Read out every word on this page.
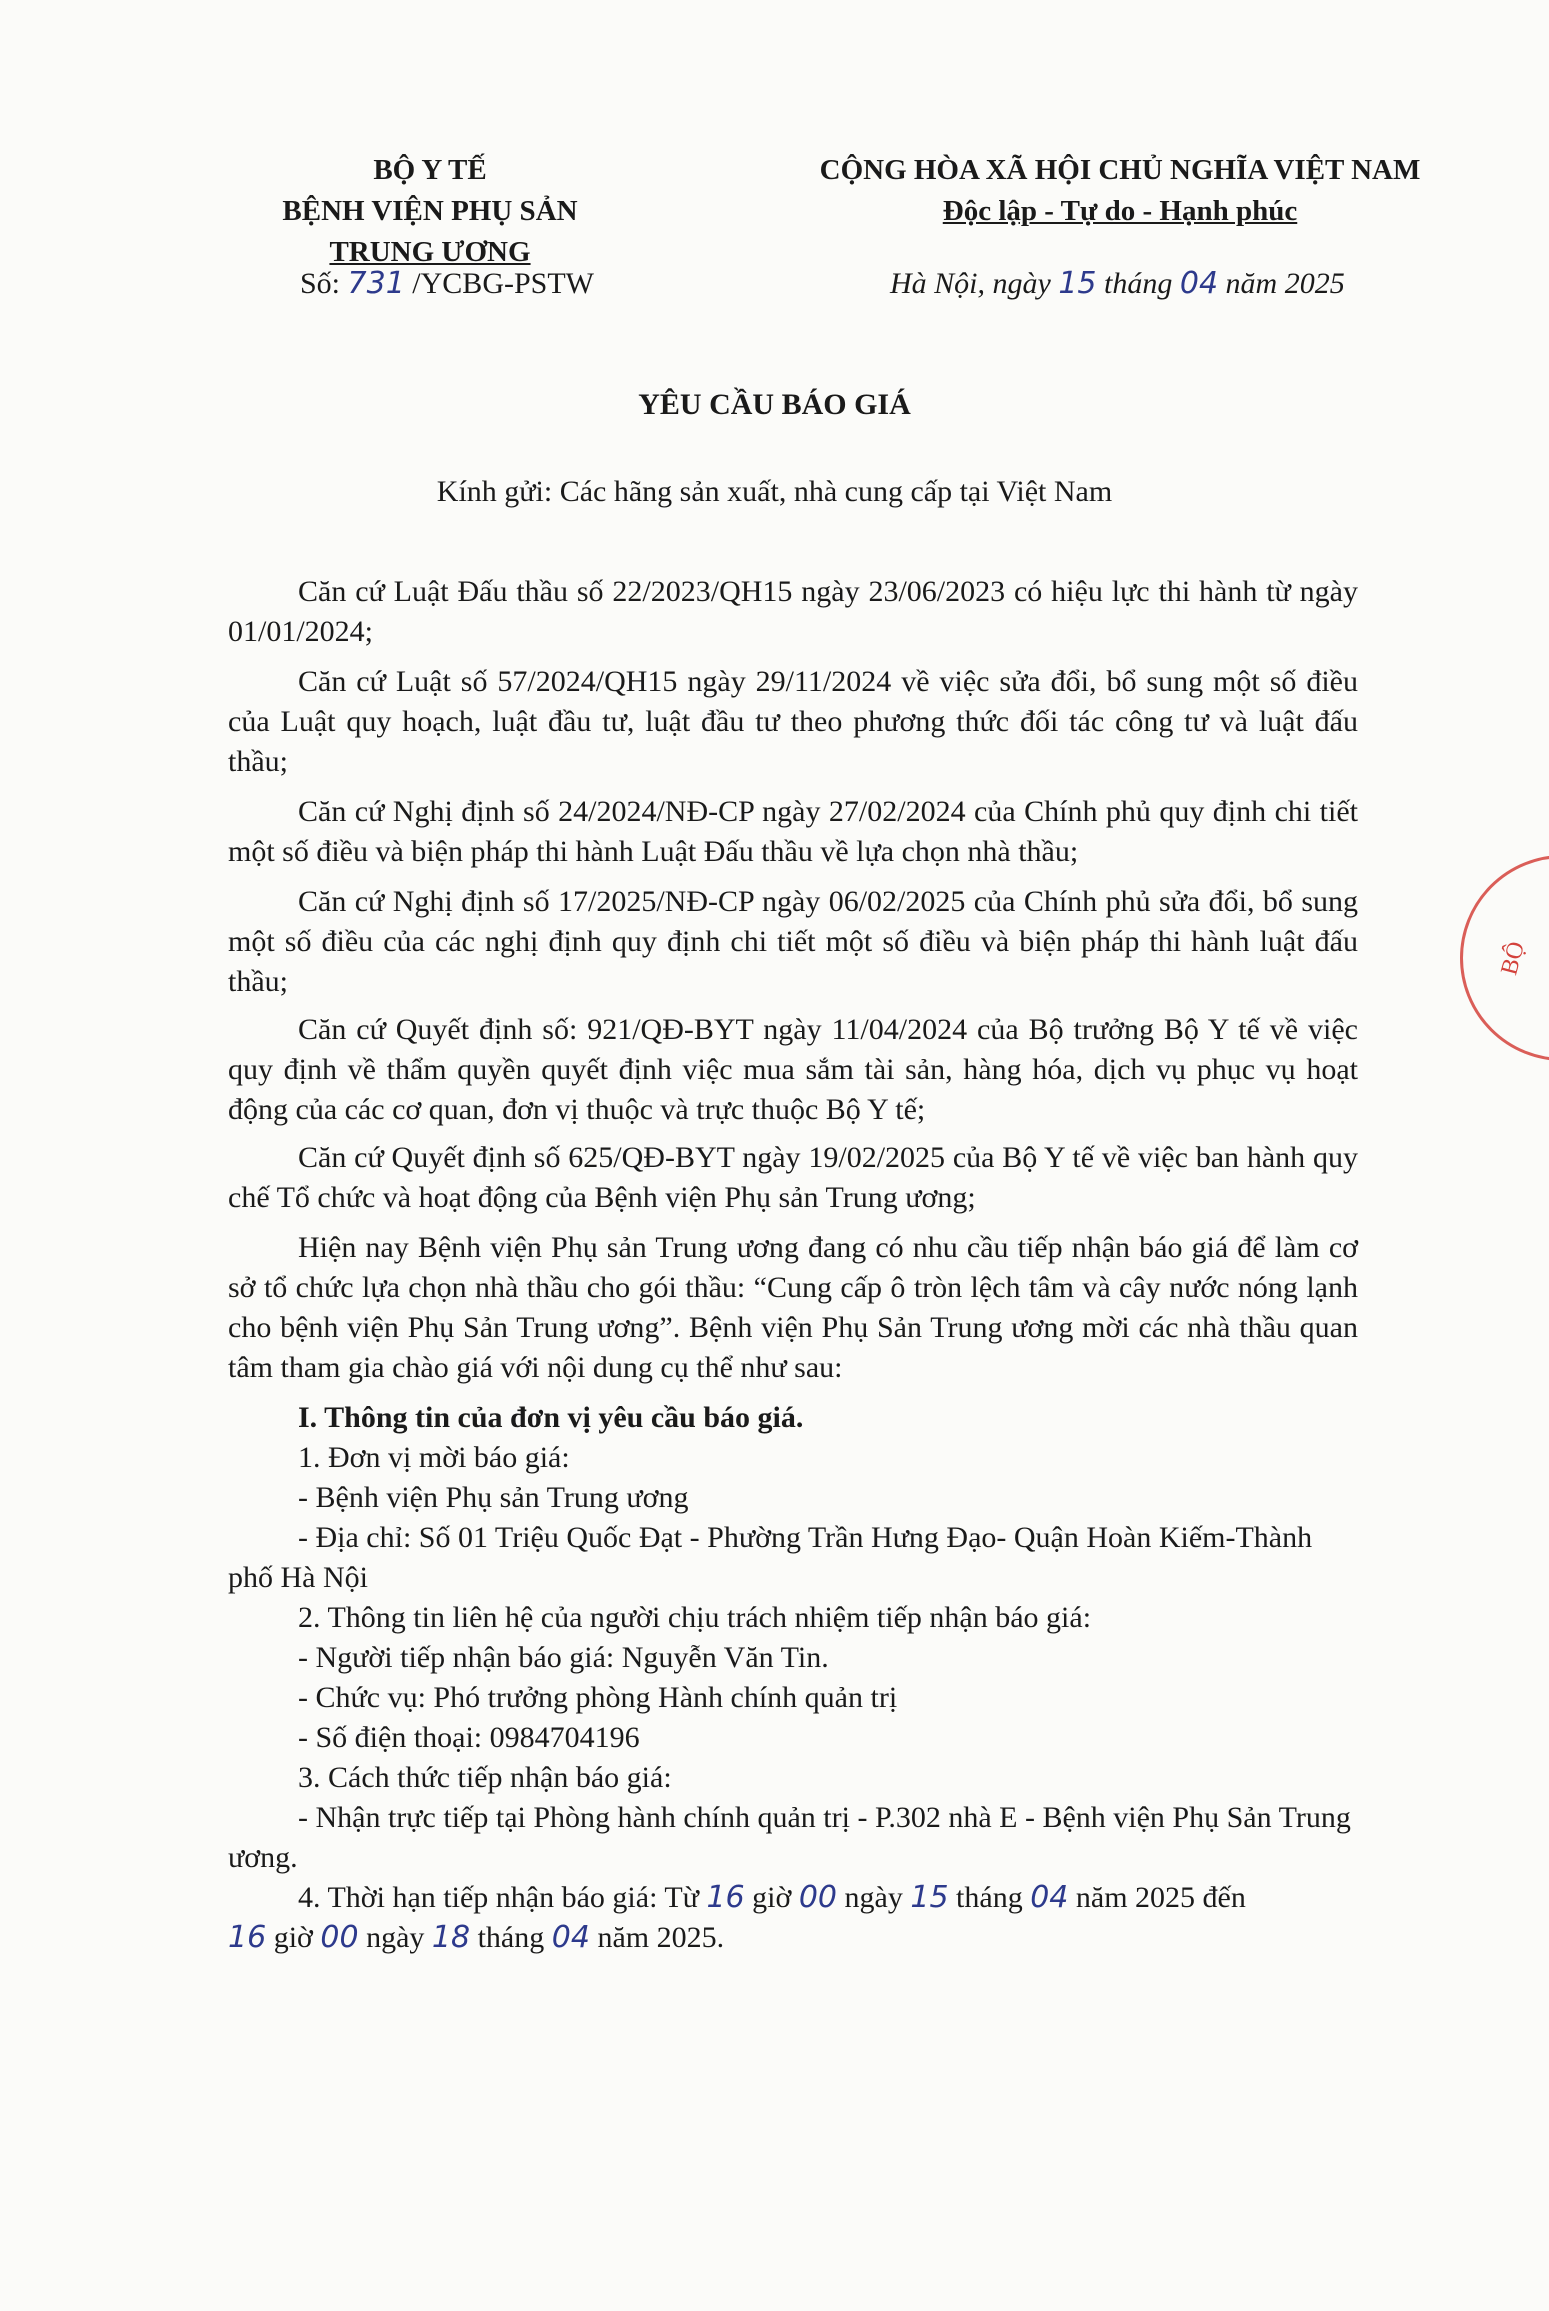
BỘ Y TẾ
BỆNH VIỆN PHỤ SẢN
TRUNG ƯƠNG
Số: 731 /YCBG-PSTW
CỘNG HÒA XÃ HỘI CHỦ NGHĨA VIỆT NAM
Độc lập - Tự do - Hạnh phúc
Hà Nội, ngày 15 tháng 04 năm 2025
YÊU CẦU BÁO GIÁ
Kính gửi: Các hãng sản xuất, nhà cung cấp tại Việt Nam
Căn cứ Luật Đấu thầu số 22/2023/QH15 ngày 23/06/2023 có hiệu lực thi hành từ ngày 01/01/2024;
Căn cứ Luật số 57/2024/QH15 ngày 29/11/2024 về việc sửa đổi, bổ sung một số điều của Luật quy hoạch, luật đầu tư, luật đầu tư theo phương thức đối tác công tư và luật đấu thầu;
Căn cứ Nghị định số 24/2024/NĐ-CP ngày 27/02/2024 của Chính phủ quy định chi tiết một số điều và biện pháp thi hành Luật Đấu thầu về lựa chọn nhà thầu;
Căn cứ Nghị định số 17/2025/NĐ-CP ngày 06/02/2025 của Chính phủ sửa đổi, bổ sung một số điều của các nghị định quy định chi tiết một số điều và biện pháp thi hành luật đấu thầu;
Căn cứ Quyết định số: 921/QĐ-BYT ngày 11/04/2024 của Bộ trưởng Bộ Y tế về việc quy định về thẩm quyền quyết định việc mua sắm tài sản, hàng hóa, dịch vụ phục vụ hoạt động của các cơ quan, đơn vị thuộc và trực thuộc Bộ Y tế;
Căn cứ Quyết định số 625/QĐ-BYT ngày 19/02/2025 của Bộ Y tế về việc ban hành quy chế Tổ chức và hoạt động của Bệnh viện Phụ sản Trung ương;
Hiện nay Bệnh viện Phụ sản Trung ương đang có nhu cầu tiếp nhận báo giá để làm cơ sở tổ chức lựa chọn nhà thầu cho gói thầu: “Cung cấp ô tròn lệch tâm và cây nước nóng lạnh cho bệnh viện Phụ Sản Trung ương”. Bệnh viện Phụ Sản Trung ương mời các nhà thầu quan tâm tham gia chào giá với nội dung cụ thể như sau:
I. Thông tin của đơn vị yêu cầu báo giá.
1. Đơn vị mời báo giá:
- Bệnh viện Phụ sản Trung ương
- Địa chỉ: Số 01 Triệu Quốc Đạt - Phường Trần Hưng Đạo- Quận Hoàn Kiếm-Thành phố Hà Nội
2. Thông tin liên hệ của người chịu trách nhiệm tiếp nhận báo giá:
- Người tiếp nhận báo giá: Nguyễn Văn Tin.
- Chức vụ: Phó trưởng phòng Hành chính quản trị
- Số điện thoại: 0984704196
3. Cách thức tiếp nhận báo giá:
- Nhận trực tiếp tại Phòng hành chính quản trị - P.302 nhà E - Bệnh viện Phụ Sản Trung ương.
4. Thời hạn tiếp nhận báo giá: Từ 16 giờ 00 ngày 15 tháng 04 năm 2025 đến
16 giờ 00 ngày 18 tháng 04 năm 2025.
BỘ
